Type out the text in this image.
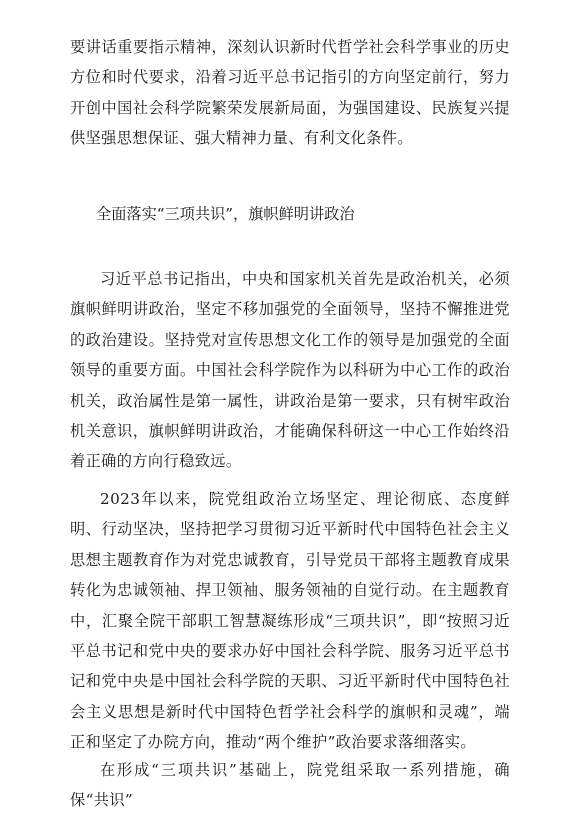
要讲话重要指示精神，深刻认识新时代哲学社会科学事业的历史方位和时代要求，沿着习近平总书记指引的方向坚定前行，努力开创中国社会科学院繁荣发展新局面，为强国建设、民族复兴提供坚强思想保证、强大精神力量、有利文化条件。

全面落实“三项共识”，旗帜鲜明讲政治

习近平总书记指出，中央和国家机关首先是政治机关，必须旗帜鲜明讲政治，坚定不移加强党的全面领导，坚持不懈推进党的政治建设。坚持党对宣传思想文化工作的领导是加强党的全面领导的重要方面。中国社会科学院作为以科研为中心工作的政治机关，政治属性是第一属性，讲政治是第一要求，只有树牢政治机关意识，旗帜鲜明讲政治，才能确保科研这一中心工作始终沿着正确的方向行稳致远。

2023年以来，院党组政治立场坚定、理论彻底、态度鲜明、行动坚决，坚持把学习贯彻习近平新时代中国特色社会主义思想主题教育作为对党忠诚教育，引导党员干部将主题教育成果转化为忠诚领袖、捍卫领袖、服务领袖的自觉行动。在主题教育中，汇聚全院干部职工智慧凝练形成“三项共识”，即“按照习近平总书记和党中央的要求办好中国社会科学院、服务习近平总书记和党中央是中国社会科学院的天职、习近平新时代中国特色社会主义思想是新时代中国特色哲学社会科学的旗帜和灵魂”，端正和坚定了办院方向，推动“两个维护”政治要求落细落实。

在形成“三项共识”基础上，院党组采取一系列措施，确保“共识”
